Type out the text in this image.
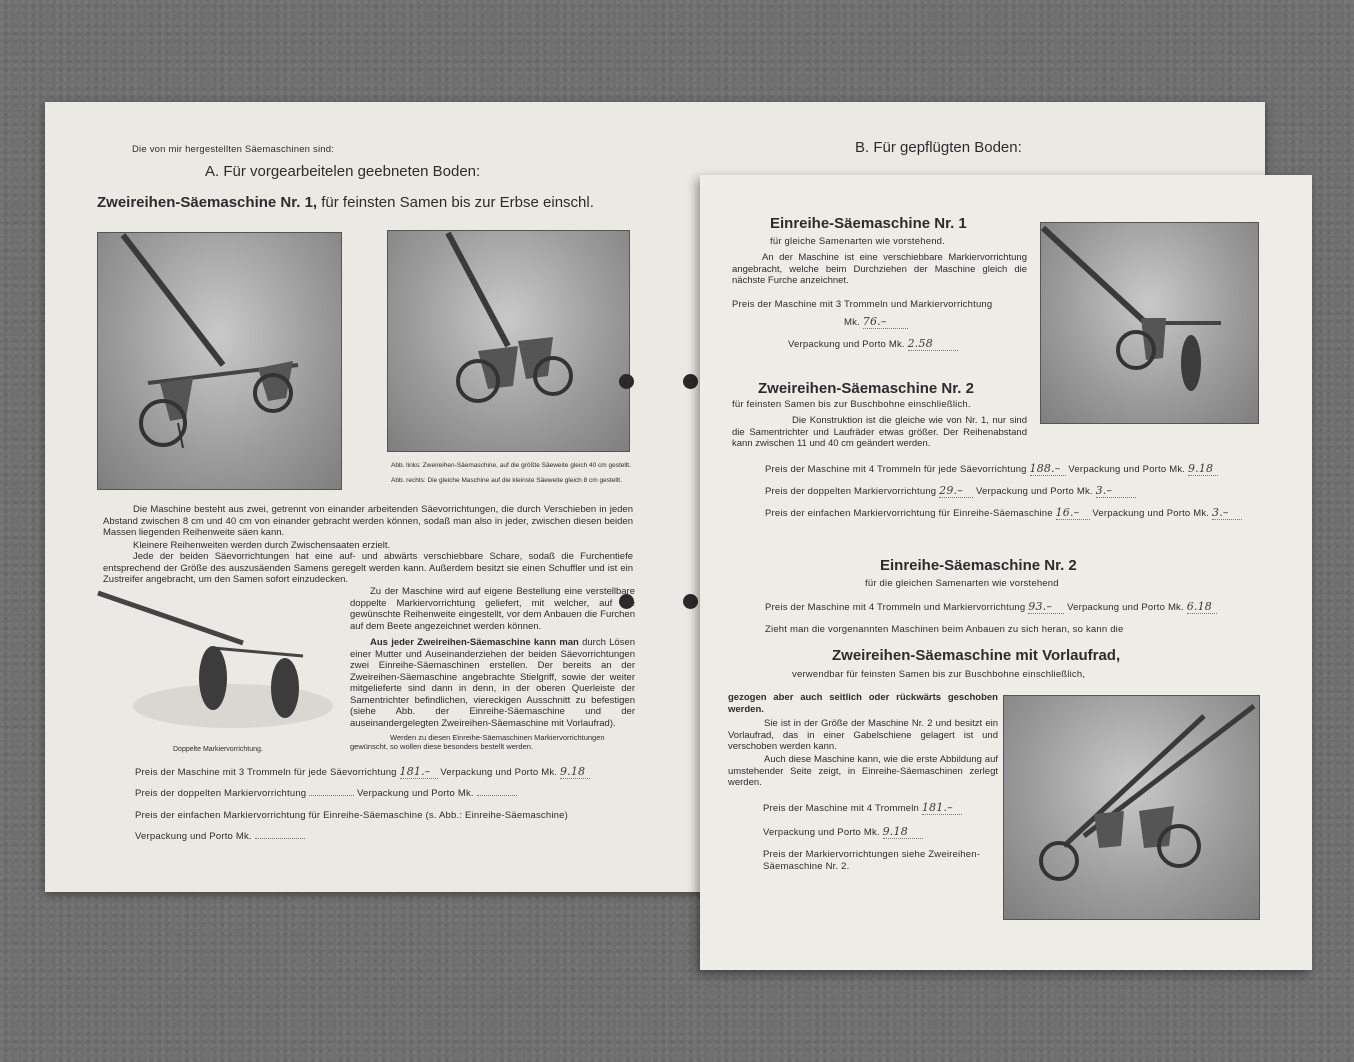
Die von mir hergestellten Säemaschinen sind:
A. Für vorgearbeitelen geebneten Boden:
B. Für gepflügten Boden:
Zweireihen-Säemaschine Nr. 1, für feinsten Samen bis zur Erbse einschl.
Abb. links: Zweireihen-Säemaschine, auf die größte Säeweite gleich 40 cm gestellt.
Abb. rechts: Die gleiche Maschine auf die kleinste Säeweite gleich 8 cm gestellt.
Die Maschine besteht aus zwei, getrennt von einander arbeitenden Säevorrichtungen, die durch Verschieben in jeden Abstand zwischen 8 cm und 40 cm von einander gebracht werden können, sodaß man also in jeder, zwischen diesen beiden Massen liegenden Reihenweite säen kann.
Kleinere Reihenweiten werden durch Zwischensaaten erzielt.
Jede der beiden Säevorrichtungen hat eine auf- und abwärts verschiebbare Schare, sodaß die Furchentiefe entsprechend der Größe des auszusäenden Samens geregelt werden kann. Außerdem besitzt sie einen Schuffler und ist ein Zustreifer angebracht, um den Samen sofort einzudecken.
Doppelte Markiervorrichtung.
Zu der Maschine wird auf eigene Bestellung eine verstellbare doppelte Markiervorrichtung geliefert, mit welcher, auf die gewünschte Reihenweite eingestellt, vor dem Anbauen die Furchen auf dem Beete angezeichnet werden können.
Aus jeder Zweireihen-Säemaschine kann man durch Lösen einer Mutter und Auseinanderziehen der beiden Säevorrichtungen zwei Einreihe-Säemaschinen erstellen. Der bereits an der Zweireihen-Säemaschine angebrachte Stielgriff, sowie der weiter mitgelieferte sind dann in denn, in der oberen Querleiste der Samentrichter befindlichen, viereckigen Ausschnitt zu befestigen (siehe Abb. der Einreihe-Säemaschine und der auseinandergelegten Zweireihen-Säemaschine mit Vorlaufrad).
Werden zu diesen Einreihe-Säemaschinen Markiervorrichtungen gewünscht, so wollen diese besonders bestellt werden.
Preis der Maschine mit 3 Trommeln für jede Säevorrichtung 181.– Verpackung und Porto Mk. 9.18
Preis der doppelten Markiervorrichtung	Verpackung und Porto Mk.
Preis der einfachen Markiervorrichtung für Einreihe-Säemaschine (s. Abb.: Einreihe-Säemaschine)
Verpackung und Porto Mk.
Einreihe-Säemaschine Nr. 1
für gleiche Samenarten wie vorstehend.
An der Maschine ist eine verschiebbare Markiervorrichtung angebracht, welche beim Durchziehen der Maschine gleich die nächste Furche anzeichnet.
Preis der Maschine mit 3 Trommeln und Markiervorrichtung
Mk. 76.–
Verpackung und Porto Mk. 2.58
Zweireihen-Säemaschine Nr. 2
für feinsten Samen bis zur Buschbohne einschließlich.
Die Konstruktion ist die gleiche wie von Nr. 1, nur sind die Samentrichter und Laufräder etwas größer. Der Reihenabstand kann zwischen 11 und 40 cm geändert werden.
Preis der Maschine mit 4 Trommeln für jede Säevorrichtung 188.– Verpackung und Porto Mk. 9.18
Preis der doppelten Markiervorrichtung 29.– Verpackung und Porto Mk. 3.–
Preis der einfachen Markiervorrichtung für Einreihe-Säemaschine 16.– Verpackung und Porto Mk. 3.–
Einreihe-Säemaschine Nr. 2
für die gleichen Samenarten wie vorstehend
Preis der Maschine mit 4 Trommeln und Markiervorrichtung 93.– Verpackung und Porto Mk. 6.18
Zieht man die vorgenannten Maschinen beim Anbauen zu sich heran, so kann die
Zweireihen-Säemaschine mit Vorlaufrad,
verwendbar für feinsten Samen bis zur Buschbohne einschließlich,
gezogen aber auch seitlich oder rückwärts geschoben werden.
Sie ist in der Größe der Maschine Nr. 2 und besitzt ein Vorlaufrad, das in einer Gabelschiene gelagert ist und verschoben werden kann.
Auch diese Maschine kann, wie die erste Abbildung auf umstehender Seite zeigt, in Einreihe-Säemaschinen zerlegt werden.
Preis der Maschine mit 4 Trommeln 181.–
Verpackung und Porto Mk. 9.18
Preis der Markiervorrichtungen siehe Zweireihen-Säemaschine Nr. 2.
